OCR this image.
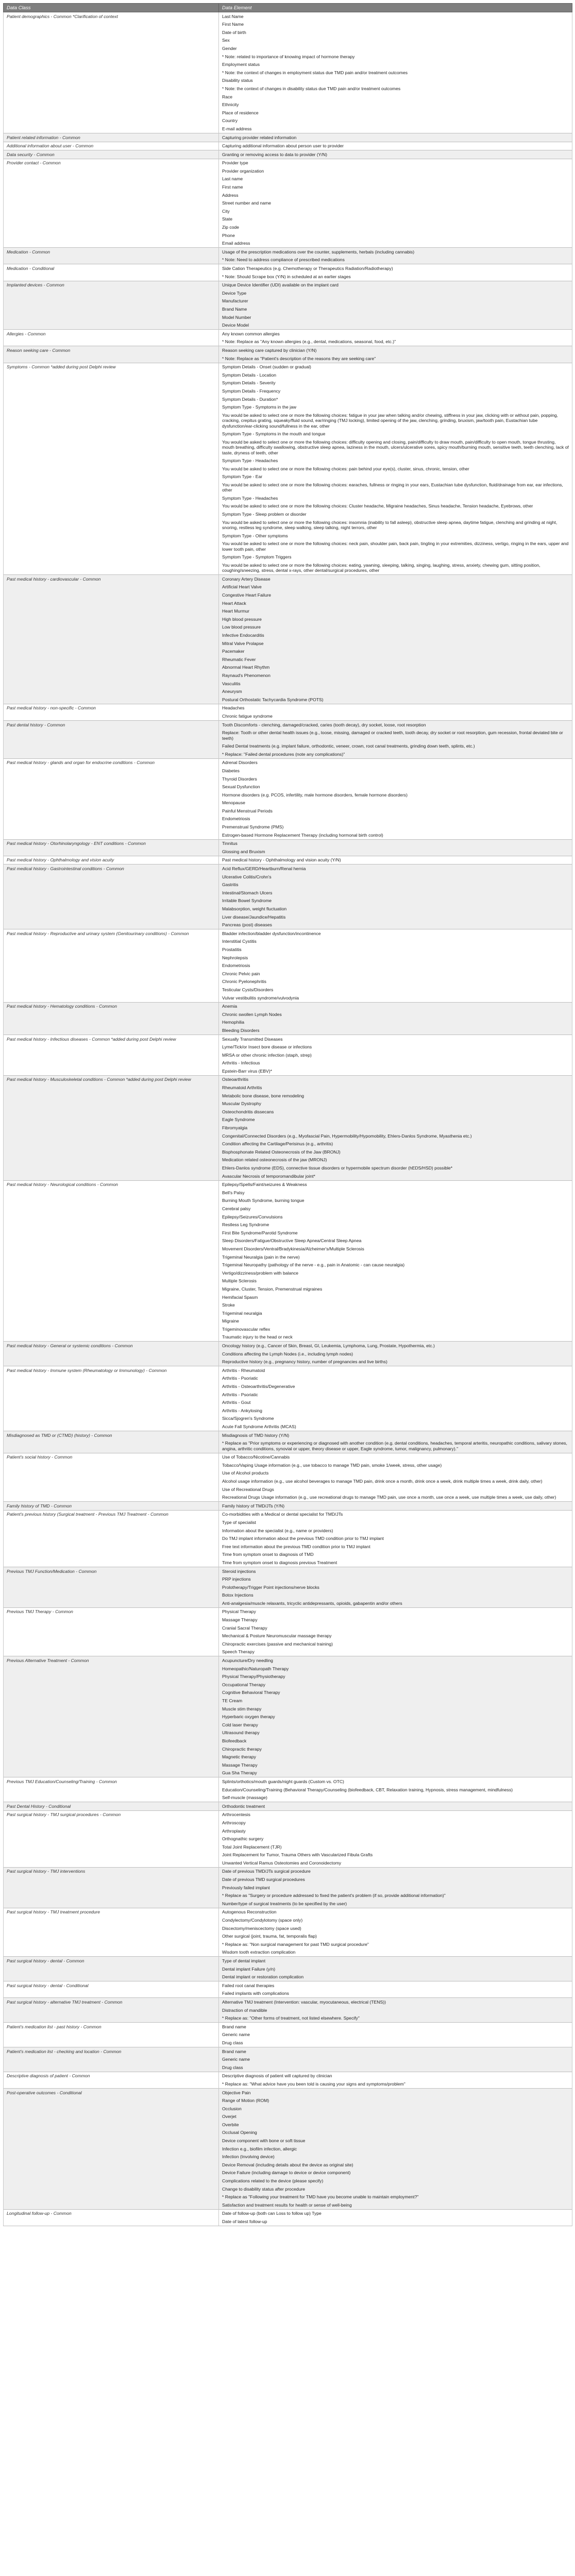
Data Class	Data Element
Patient demographics - Common *Clarification of context	Last Name
	First Name
	Date of birth
	Sex
	Gender
	* Note: related to importance of knowing impact of hormone therapy
	Employment status
	* Note: the context of changes in employment status due TMD pain and/or treatment outcomes
	Disability status
	* Note: the context of changes in disability status due TMD pain and/or treatment outcomes
	Race
	Ethnicity
	Place of residence
	Country
	E-mail address
Patient related information - Common	Capturing provider related information
Additional information about user - Common	Capturing additional information about person user to provider
Data security - Common	Granting or removing access to data to provider (Y/N)
Provider contact - Common	Provider type
	Provider organization
	Last name
	First name
	Address
	Street number and name
	City
	State
	Zip code
	Phone
	Email address
Medication - Common	Usage of the prescription medications over the counter, supplements, herbals (including cannabis)
	* Note: Need to address compliance of prescribed medications
Medication - Conditional	Side Cation Therapeutics (e.g. Chemotherapy or Therapeutics Radiation/Radiotherapy)
	* Note: Should Scrape box (Y/N) in scheduled at an earlier stages
Implanted devices - Common	Unique Device Identifier (UDI) available on the implant card
	Device Type
	Manufacturer
	Brand Name
	Model Number
	Device Model
Allergies - Common	Any known common allergies
	* Note: Replace as "Any known allergies (e.g., dental, medications, seasonal, food, etc.)"
Reason seeking care - Common	Reason seeking care captured by clinician (Y/N)
	* Note: Replace as "Patient's description of the reasons they are seeking care"
Symptoms - Common *added during post Delphi review	Symptom Details - Onset (sudden or gradual)
	Symptom Details - Location
	Symptom Details - Severity
	Symptom Details - Frequency
	Symptom Details - Duration*
	Symptom Type - Symptoms in the jaw
	You would be asked to select one or more the following choices: fatigue in your jaw when talking and/or chewing, stiffness in your jaw, clicking with or without pain, popping, cracking, crepitus grating, squeaky/fluid sound, ear/ringing (TMJ locking), limited opening of the jaw, clenching, grinding, bruxism, jaw/tooth pain, Eustachian tube dysfunction/ear-clicking sound/fullness in the ear, other
	Symptom Type - Symptoms in the mouth and tongue
	You would be asked to select one or more the following choices: difficulty opening and closing, pain/difficulty to draw mouth, pain/difficulty to open mouth, tongue thrusting, mouth breathing, difficulty swallowing, obstructive sleep apnea, laziness in the mouth, ulcers/ulcerative sores, spicy mouth/burning mouth, sensitive teeth, teeth clenching, lack of taste, dryness of teeth, other
	Symptom Type - Headaches
	You would be asked to select one or more the following choices: pain behind your eye(s), cluster, sinus, chronic, tension, other
	Symptom Type - Ear
	You would be asked to select one or more the following choices: earaches, fullness or ringing in your ears, Eustachian tube dysfunction, fluid/drainage from ear, ear infections, other
	Symptom Type - Headaches
	You would be asked to select one or more the following choices: Cluster headache, Migraine headaches, Sinus headache, Tension headache, Eyebrows, other
	Symptom Type - Sleep problem or disorder
	You would be asked to select one or more the following choices: insomnia (inability to fall asleep), obstructive sleep apnea, daytime fatigue, clenching and grinding at night, snoring, restless leg syndrome, sleep walking, sleep talking, night terrors, other
	Symptom Type - Other symptoms
	You would be asked to select one or more the following choices: neck pain, shoulder pain, back pain, tingling in your extremities, dizziness, vertigo, ringing in the ears, upper and lower tooth pain, other
	Symptom Type - Symptom Triggers
	You would be asked to select one or more the following choices: eating, yawning, sleeping, talking, singing, laughing, stress, anxiety, chewing gum, sitting position, coughing/sneezing, stress, dental x-rays, other dental/surgical procedures, other
Past medical history - cardiovascular - Common	Coronary Artery Disease
	Artificial Heart Valve
	Congestive Heart Failure
	Heart Attack
	Heart Murmur
	High blood pressure
	Low blood pressure
	Infective Endocarditis
	Mitral Valve Prolapse
	Pacemaker
	Rheumatic Fever
	Abnormal Heart Rhythm
	Raynaud's Phenomenon
	Vasculitis
	Aneurysm
	Postural Orthostatic Tachycardia Syndrome (POTS)
Past medical history - non-specific - Common	Headaches
	Chronic fatigue syndrome
Past dental history - Common	Tooth Discomforts - clenching, damaged/cracked, caries (tooth decay), dry socket, loose, root resorption
	Replace: Tooth or other dental health issues (e.g., loose, missing, damaged or cracked teeth, tooth decay, dry socket or root resorption, gum recession, frontal deviated bite or teeth)
	Failed Dental treatments (e.g. implant failure, orthodontic, veneer, crown, root canal treatments, grinding down teeth, splints, etc.)
	* Replace: "Failed dental procedures (note any complications)"
Past medical history - glands and organ for endocrine conditions - Common	Adrenal Disorders
	Diabetes
	Thyroid Disorders
	Sexual Dysfunction
	Hormone disorders (e.g. PCOS, infertility, male hormone disorders, female hormone disorders)
	Menopause
	Painful Menstrual Periods
	Endometriosis
	Premenstrual Syndrome (PMS)
	Estrogen-based Hormone Replacement Therapy (including hormonal birth control)
Past medical history - Otorhinolaryngology - ENT conditions - Common	Tinnitus
	Glossing and Bruxism
Past medical history - Ophthalmology and vision acuity	Past medical history - Ophthalmology and vision acuity (Y/N)
Past medical history - Gastrointestinal conditions - Common	Acid Reflux/GERD/Heartburn/Renal hernia
	Ulcerative Colitis/Crohn's
	Gastritis
	Intestinal/Stomach Ulcers
	Irritable Bowel Syndrome
	Malabsorption, weight fluctuation
	Liver disease/Jaundice/Hepatitis
	Pancreas (post) diseases
Past medical history - Reproductive and urinary system (Genitourinary conditions) - Common	Bladder infection/bladder dysfunction/incontinence
	Interstitial Cystitis
	Prostatitis
	Nephrolepsis
	Endometriosis
	Chronic Pelvic pain
	Chronic Pyelonephritis
	Testicular Cysts/Disorders
	Vulvar vestibulitis syndrome/vulvodynia
Past medical history - Hematology conditions - Common	Anemia
	Chronic swollen Lymph Nodes
	Hemophilia
	Bleeding Disorders
Past medical history - Infectious diseases - Common *added during post Delphi review	Sexually Transmitted Diseases
	Lyme/Tick/or Insect bore disease or infections
	MRSA or other chronic infection (staph, strep)
	Arthritis - Infectious
	Epstein-Barr virus (EBV)*
Past medical history - Musculoskeletal conditions - Common *added during post Delphi review	Osteoarthritis
	Rheumatoid Arthritis
	Metabolic bone disease, bone remodeling
	Muscular Dystrophy
	Osteochondritis dissecans
	Eagle Syndrome
	Fibromyalgia
	Congenital/Connected Disorders (e.g., Myofascial Pain, Hypermobility/Hypomobility, Ehlers-Danlos Syndrome, Myasthenia etc.)
	Condition affecting the Cartilage/Perisinus (e.g., arthritis)
	Bisphosphonate Related Osteonecrosis of the Jaw (BRONJ)
	Medication related osteonecrosis of the jaw (MRONJ)
	Ehlers-Danlos syndrome (EDS), connective tissue disorders or hypermobile spectrum disorder (hEDS/HSD) possible*
	Avascular Necrosis of temporomandibular joint*
Past medical history - Neurological conditions - Common	Epilepsy/Spells/Faint/seizures & Weakness
	Bell's Palsy
	Burning Mouth Syndrome, burning tongue
	Cerebral palsy
	Epilepsy/Seizures/Convulsions
	Restless Leg Syndrome
	First Bite Syndrome/Parotid Syndrome
	Sleep Disorders/Fatigue/Obstructive Sleep Apnea/Central Sleep Apnea
	Movement Disorders/Ventral/Bradykinesia/Alzheimer's/Multiple Sclerosis
	Trigeminal Neuralgia (pain in the nerve)
	Trigeminal Neuropathy (pathology of the nerve - e.g., pain in Anatomic - can cause neuralgia)
	Vertigo/dizziness/problem with balance
	Multiple Sclerosis
	Migraine, Cluster, Tension, Premenstrual migraines
	Hemifacial Spasm
	Stroke
	Trigeminal neuralgia
	Migraine
	Trigeminovascular reflex
	Traumatic injury to the head or neck
Past medical history - General or systemic conditions - Common	Oncology history (e.g., Cancer of Skin, Breast, GI, Leukemia, Lymphoma, Lung, Prostate, Hypothermia, etc.)
	Conditions affecting the Lymph Nodes (i.e., including lymph nodes)
	Reproductive history (e.g., pregnancy history, number of pregnancies and live births)
Past medical history - Immune system (Rheumatology or Immunology) - Common	Arthritis - Rheumatoid
	Arthritis - Psoriatic
	Arthritis - Osteoarthritis/Degenerative
	Arthritis - Psoriatic
	Arthritis - Gout
	Arthritis - Ankylosing
	Sicca/Sjogren's Syndrome
	Acute Fall Syndrome Arthritis (MCAS)
Misdiagnosed as TMD or (CTMD) (history) - Common	Misdiagnosis of TMD history (Y/N)
	* Replace as "Prior symptoms or experiencing or diagnosed with another condition (e.g. dental conditions, headaches, temporal arteritis, neuropathic conditions, salivary stones, angina, arthritic conditions, synovial or upper, theory disease or upper, Eagle syndrome, tumor, malignancy, pulmonary)."
Patient's social history - Common	Use of Tobacco/Nicotine/Cannabis
	Tobacco/Vaping Usage information (e.g., use tobacco to manage TMD pain, smoke 1/week, stress, other usage)
	Use of Alcohol products
	Alcohol usage information (e.g., use alcohol beverages to manage TMD pain, drink once a month, drink once a week, drink multiple times a week, drink daily, other)
	Use of Recreational Drugs
	Recreational Drugs Usage information (e.g., use recreational drugs to manage TMD pain, use once a month, use once a week, use multiple times a week, use daily, other)
Family history of TMD - Common	Family history of TMD/JTs (Y/N)
Patient's previous history (Surgical treatment - Previous TMJ Treatment - Common	Co-morbidities with a Medical or dental specialist for TMD/JTs
	Type of specialist
	Information about the specialist (e.g., name or providers)
	Do TMJ implant information about the previous TMD condition prior to TMJ implant
	Free text information about the previous TMD condition prior to TMJ implant
	Time from symptom onset to diagnosis of TMD
	Time from symptom onset to diagnosis previous Treatment
Previous TMJ Function/Medication - Common	Steroid injections
	PRP injections
	Prolotherapy/Trigger Point injections/nerve blocks
	Botox Injections
	Anti-analgesia/muscle relaxants, tricyclic antidepressants, opioids, gabapentin and/or others
Previous TMJ Therapy - Common	Physical Therapy
	Massage Therapy
	Cranial Sacral Therapy
	Mechanical & Posture Neuromuscular massage therapy
	Chiropractic exercises (passive and mechanical training)
	Speech Therapy
Previous Alternative Treatment - Common	Acupuncture/Dry needling
	Homeopathic/Naturopath Therapy
	Physical Therapy/Physiotherapy
	Occupational Therapy
	Cognitive Behavioral Therapy
	TE Cream
	Muscle stim therapy
	Hyperbaric oxygen therapy
	Cold laser therapy
	Ultrasound therapy
	Biofeedback
	Chiropractic therapy
	Magnetic therapy
	Massage Therapy
	Gua Sha Therapy
Previous TMJ Education/Counseling/Training - Common	Splints/orthotics/mouth guards/night guards (Custom vs. OTC)
	Education/Counseling/Training (Behavioral Therapy/Counseling (biofeedback, CBT, Relaxation training, Hypnosis, stress management, mindfulness)
	Self-muscle (massage)
Past Dental History - Conditional	Orthodontic treatment
Past surgical history - TMJ surgical procedures - Common	Arthrocentesis
	Arthroscopy
	Arthroplasty
	Orthognathic surgery
	Total Joint Replacement (TJR)
	Joint Replacement for Tumor, Trauma Others with Vascularized Fibula Grafts
	Unwanted Vertical Ramus Osteotomies and Coronoidectomy
Past surgical history - TMJ interventions	Date of previous TMD/JTs surgical procedure
	Date of previous TMD surgical procedures
	Previously failed implant
	* Replace as "Surgery or procedure addressed to fixed the patient's problem (if so, provide additional information)"
	Number/type of surgical treatments (to be specified by the user)
Past surgical history - TMJ treatment procedure	Autogenous Reconstruction
	Condylectomy/Condylotomy (space only)
	Discectomy/meniscectomy (space used)
	Other surgical (joint, trauma, fat, temporalis flap)
	* Replace as: "Non surgical management for past TMD surgical procedure"
	Wisdom tooth extraction complication
Past surgical history - dental - Common	Type of dental implant
	Dental implant Failure (y/n)
	Dental implant or restoration complication
Past surgical history - dental - Conditional	Failed root canal therapies
	Failed implants with complications
Past surgical history - alternative TMJ treatment - Common	Alternative TMJ treatment (Intervention: vascular, myocutaneous, electrical (TENS))
	Distraction of mandible
	* Replace as: "Other forms of treatment, not listed elsewhere. Specify"
Patient's medication list - past history - Common	Brand name
	Generic name
	Drug class
Patient's medication list - checking and location - Common	Brand name
	Generic name
	Drug class
Descriptive diagnosis of patient - Common	Descriptive diagnosis of patient will captured by clinician
	* Replace as: "What advice have you been told is causing your signs and symptoms/problem"
Post-operative outcomes - Conditional	Objective Pain
	Range of Motion (ROM)
	Occlusion
	Overjet
	Overbite
	Occlusal Opening
	Device component with bone or soft tissue
	Infection e.g., biofilm infection, allergic
	Infection (Involving device)
	Device Removal (including details about the device as original site)
	Device Failure (including damage to device or device component)
	Complications related to the device (please specify)
	Change to disability status after procedure
	* Replace as "Following your treatment for TMD have you become unable to maintain employment?"
	Satisfaction and treatment results for health or sense of well-being
Longitudinal follow-up - Common	Date of follow-up (both can Loss to follow up) Type
	Date of latest follow-up
